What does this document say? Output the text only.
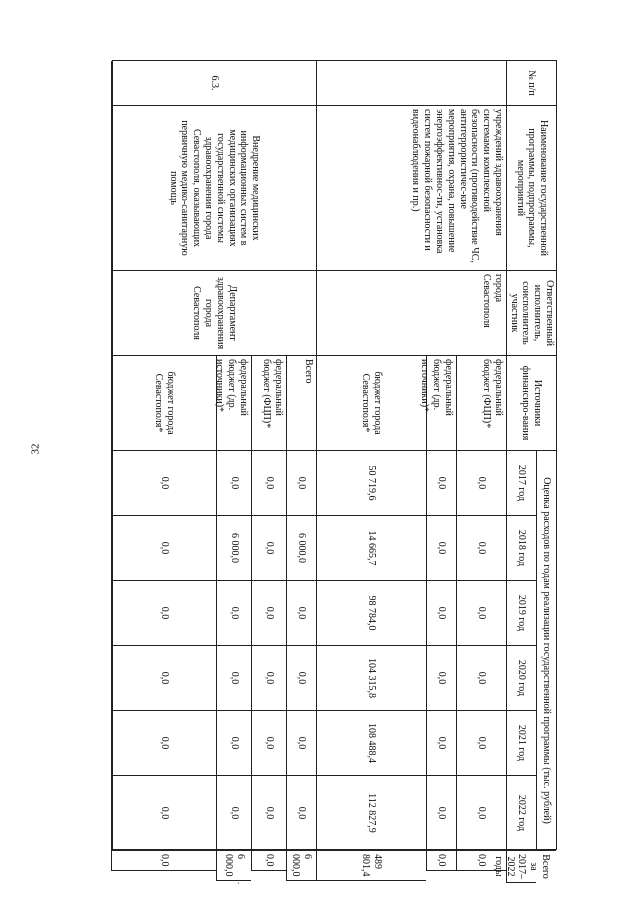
32
·
№ п/п
Наименование государственной программы, подпрограммы, мероприятий
Ответственный исполнитель, соисполнитель участник
Источники финансиро-вания
Оценка расходов по годам реализации государственной программы (тыс. рублей)
2017 год
2018 год
2019 год
2020 год
2021 год
2022 год
Всего за 2017–2022 годы
учреждений здравоохранения системами комплексной безопасности (противодействие ЧС, антитеррористичес-кие мероприятия, охрана, повышение энергоэффективнос-ти, установка систем пожарной безопасности и видеонаблюдения и пр.)
города Севастополя
федеральный бюджет (ФЦП)*
0,0
0,0
0,0
0,0
0,0
0,0
0,0
федеральный бюджет (др. источники)*
0,0
0,0
0,0
0,0
0,0
0,0
0,0
бюджет города Севастополя*
50 719,6
14 665,7
98 784,0
104 315,8
108 488,4
112 827,9
489 801,4
6.3.
Внедрение медицинских информационных систем в медицинских организациях государственной системы здравоохранения города Севастополя, оказывающих первичную медико-санитарную помощь
Департамент здравоохранения города Севастополя
Всего
0,0
6 000,0
0,0
0,0
0,0
0,0
6 000,0
федеральный бюджет (ФЦП)*
0,0
0,0
0,0
0,0
0,0
0,0
0,0
федеральный бюджет (др. источники)*
0,0
6 000,0
0,0
0,0
0,0
0,0
6 000,0
бюджет города Севастополя*
0,0
0,0
0,0
0,0
0,0
0,0
0,0
